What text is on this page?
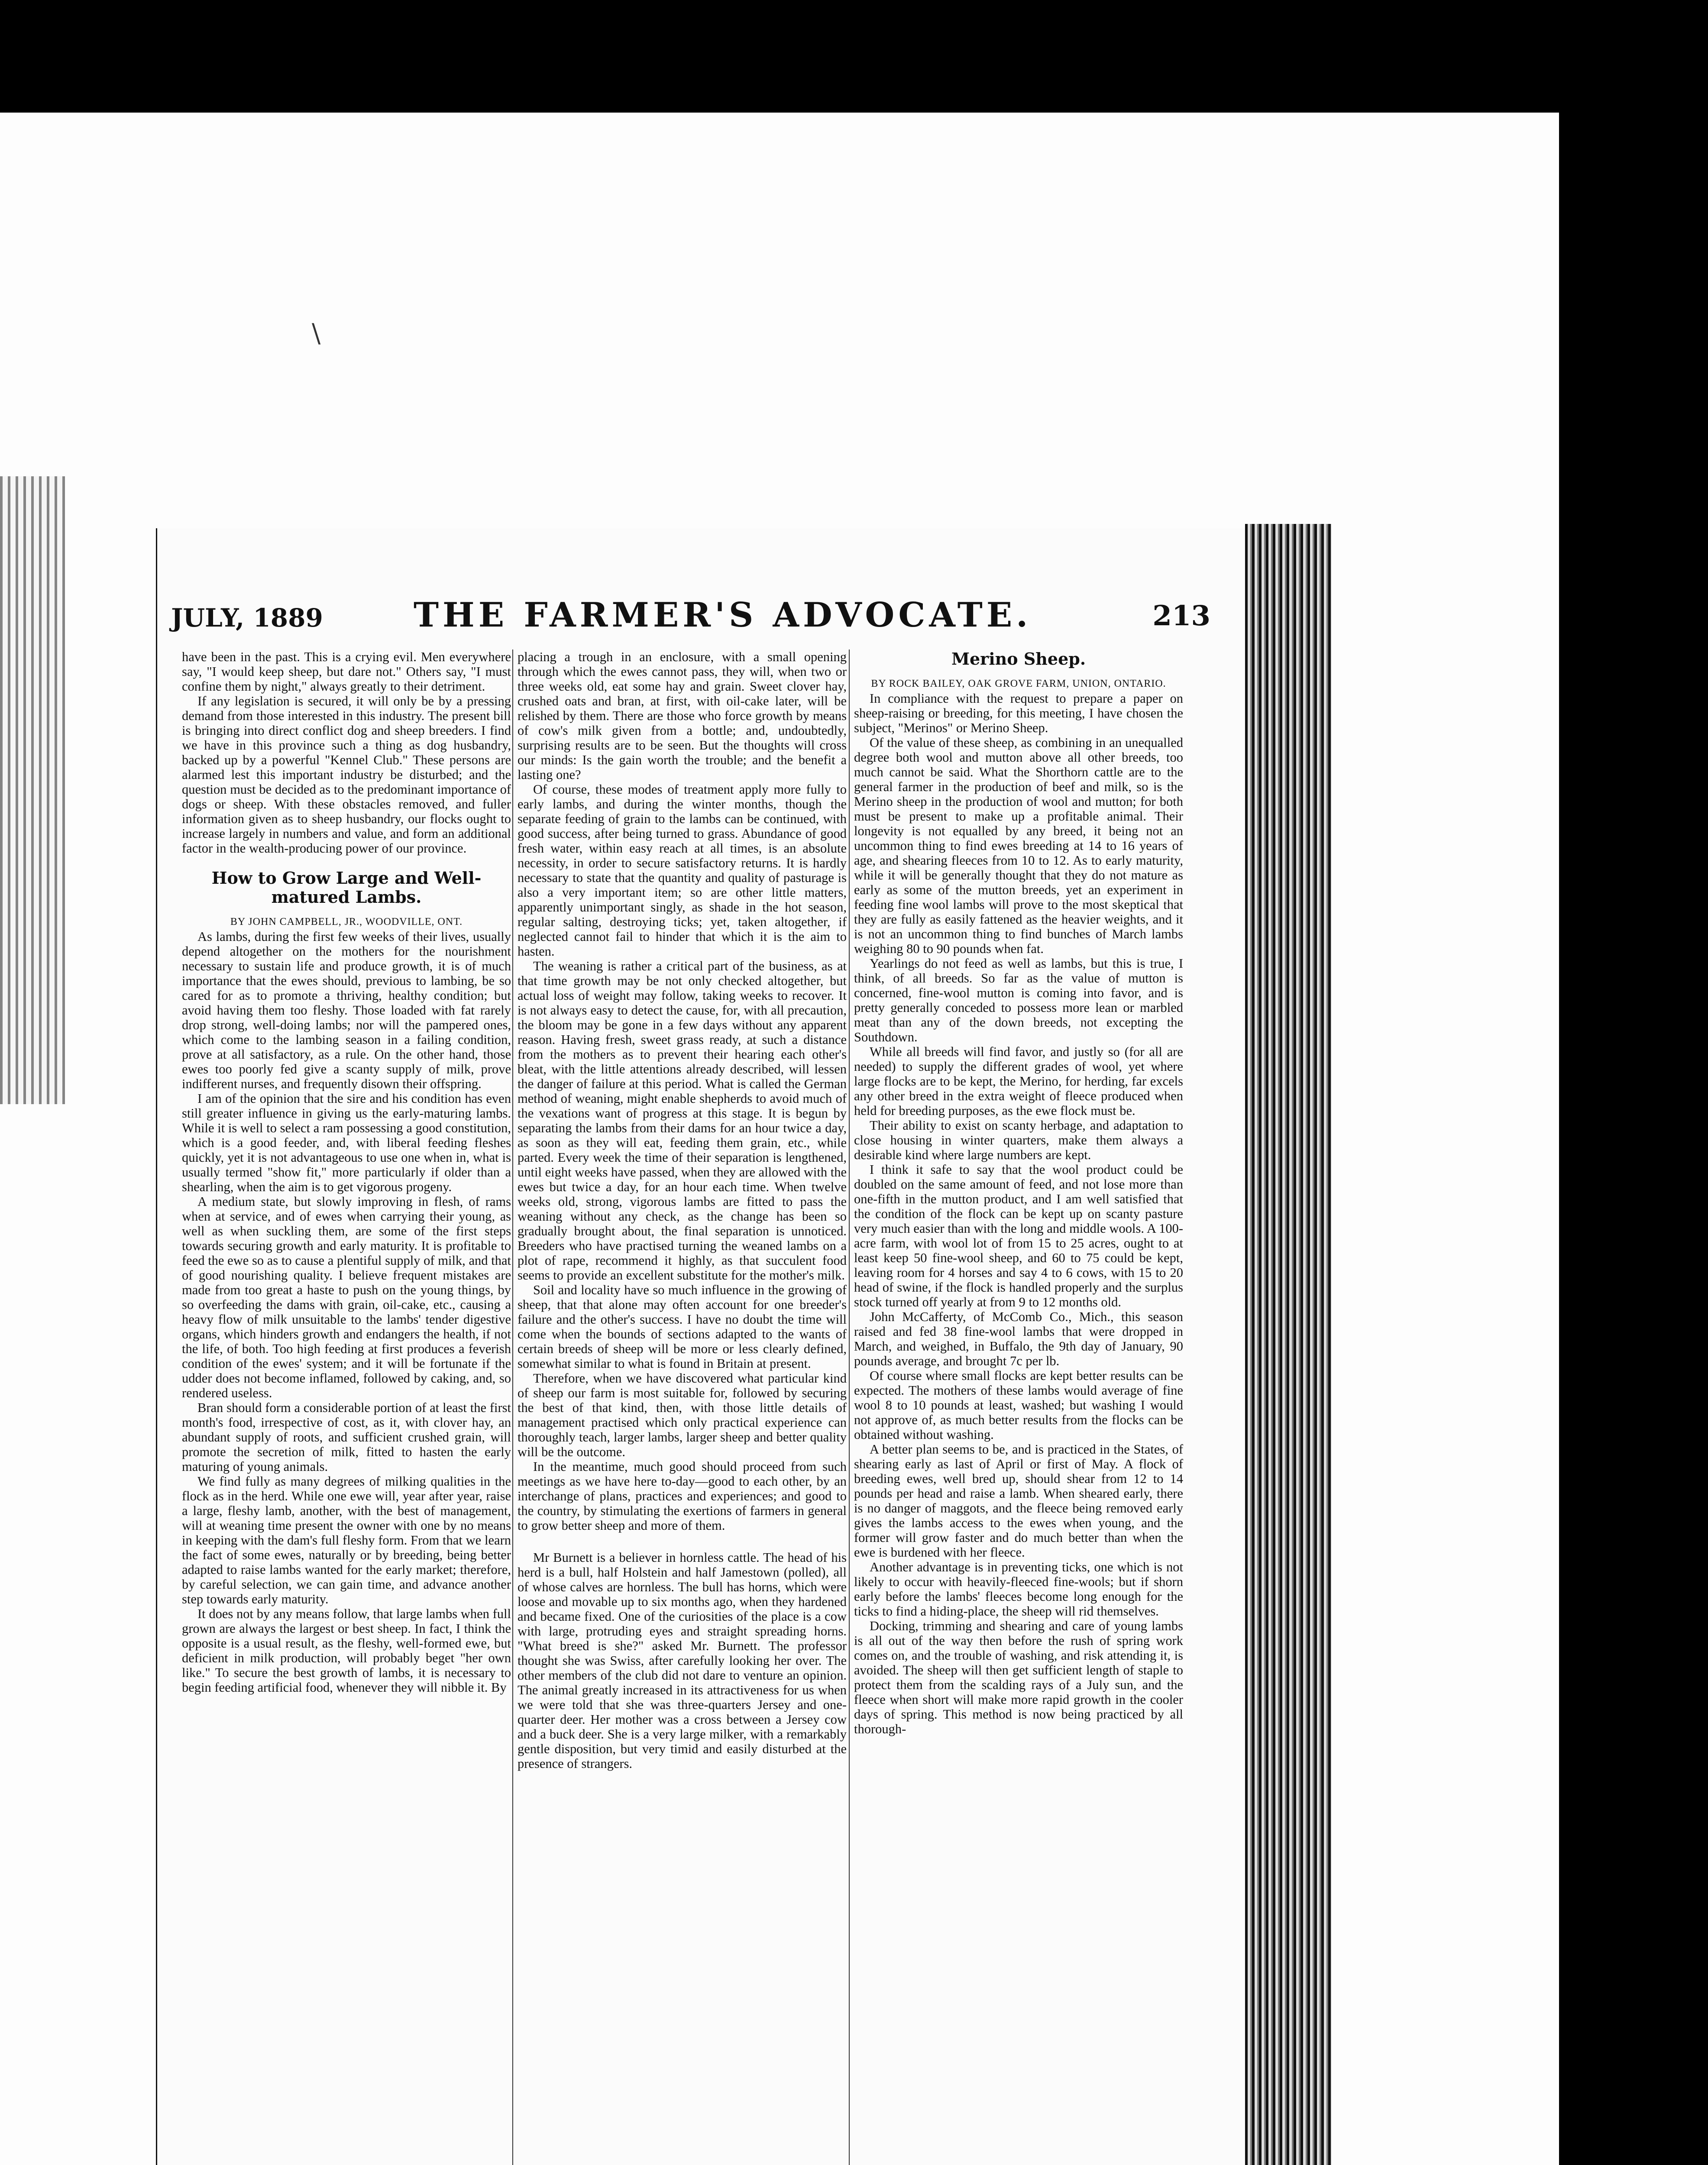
\
JULY, 1889	THE FARMER'S ADVOCATE.	213

have been in the past. This is a crying evil. Men everywhere say, "I would keep sheep, but dare not." Others say, "I must confine them by night," always greatly to their detriment.

If any legislation is secured, it will only be by a pressing demand from those interested in this industry. The present bill is bringing into direct conflict dog and sheep breeders. I find we have in this province such a thing as dog husbandry, backed up by a powerful "Kennel Club." These persons are alarmed lest this important industry be disturbed; and the question must be decided as to the predominant importance of dogs or sheep. With these obstacles removed, and fuller information given as to sheep husbandry, our flocks ought to increase largely in numbers and value, and form an additional factor in the wealth-producing power of our province.

How to Grow Large and Well-matured Lambs.

BY JOHN CAMPBELL, JR., WOODVILLE, ONT.

As lambs, during the first few weeks of their lives, usually depend altogether on the mothers for the nourishment necessary to sustain life and produce growth, it is of much importance that the ewes should, previous to lambing, be so cared for as to promote a thriving, healthy condition; but avoid having them too fleshy. Those loaded with fat rarely drop strong, well-doing lambs; nor will the pampered ones, which come to the lambing season in a failing condition, prove at all satisfactory, as a rule. On the other hand, those ewes too poorly fed give a scanty supply of milk, prove indifferent nurses, and frequently disown their offspring.

I am of the opinion that the sire and his condition has even still greater influence in giving us the early-maturing lambs. While it is well to select a ram possessing a good constitution, which is a good feeder, and, with liberal feeding fleshes quickly, yet it is not advantageous to use one when in, what is usually termed "show fit," more particularly if older than a shearling, when the aim is to get vigorous progeny.

A medium state, but slowly improving in flesh, of rams when at service, and of ewes when carrying their young, as well as when suckling them, are some of the first steps towards securing growth and early maturity. It is profitable to feed the ewe so as to cause a plentiful supply of milk, and that of good nourishing quality. I believe frequent mistakes are made from too great a haste to push on the young things, by so overfeeding the dams with grain, oil-cake, etc., causing a heavy flow of milk unsuitable to the lambs' tender digestive organs, which hinders growth and endangers the health, if not the life, of both. Too high feeding at first produces a feverish condition of the ewes' system; and it will be fortunate if the udder does not become inflamed, followed by caking, and, so rendered useless.

Bran should form a considerable portion of at least the first month's food, irrespective of cost, as it, with clover hay, an abundant supply of roots, and sufficient crushed grain, will promote the secretion of milk, fitted to hasten the early maturing of young animals.

We find fully as many degrees of milking qualities in the flock as in the herd. While one ewe will, year after year, raise a large, fleshy lamb, another, with the best of management, will at weaning time present the owner with one by no means in keeping with the dam's full fleshy form. From that we learn the fact of some ewes, naturally or by breeding, being better adapted to raise lambs wanted for the early market; therefore, by careful selection, we can gain time, and advance another step towards early maturity.

It does not by any means follow, that large lambs when full grown are always the largest or best sheep. In fact, I think the opposite is a usual result, as the fleshy, well-formed ewe, but deficient in milk production, will probably beget "her own like." To secure the best growth of lambs, it is necessary to begin feeding artificial food, whenever they will nibble it. By

placing a trough in an enclosure, with a small opening through which the ewes cannot pass, they will, when two or three weeks old, eat some hay and grain. Sweet clover hay, crushed oats and bran, at first, with oil-cake later, will be relished by them. There are those who force growth by means of cow's milk given from a bottle; and, undoubtedly, surprising results are to be seen. But the thoughts will cross our minds: Is the gain worth the trouble; and the benefit a lasting one?

Of course, these modes of treatment apply more fully to early lambs, and during the winter months, though the separate feeding of grain to the lambs can be continued, with good success, after being turned to grass. Abundance of good fresh water, within easy reach at all times, is an absolute necessity, in order to secure satisfactory returns. It is hardly necessary to state that the quantity and quality of pasturage is also a very important item; so are other little matters, apparently unimportant singly, as shade in the hot season, regular salting, destroying ticks; yet, taken altogether, if neglected cannot fail to hinder that which it is the aim to hasten.

The weaning is rather a critical part of the business, as at that time growth may be not only checked altogether, but actual loss of weight may follow, taking weeks to recover. It is not always easy to detect the cause, for, with all precaution, the bloom may be gone in a few days without any apparent reason. Having fresh, sweet grass ready, at such a distance from the mothers as to prevent their hearing each other's bleat, with the little attentions already described, will lessen the danger of failure at this period. What is called the German method of weaning, might enable shepherds to avoid much of the vexations want of progress at this stage. It is begun by separating the lambs from their dams for an hour twice a day, as soon as they will eat, feeding them grain, etc., while parted. Every week the time of their separation is lengthened, until eight weeks have passed, when they are allowed with the ewes but twice a day, for an hour each time. When twelve weeks old, strong, vigorous lambs are fitted to pass the weaning without any check, as the change has been so gradually brought about, the final separation is unnoticed. Breeders who have practised turning the weaned lambs on a plot of rape, recommend it highly, as that succulent food seems to provide an excellent substitute for the mother's milk.

Soil and locality have so much influence in the growing of sheep, that that alone may often account for one breeder's failure and the other's success. I have no doubt the time will come when the bounds of sections adapted to the wants of certain breeds of sheep will be more or less clearly defined, somewhat similar to what is found in Britain at present.

Therefore, when we have discovered what particular kind of sheep our farm is most suitable for, followed by securing the best of that kind, then, with those little details of management practised which only practical experience can thoroughly teach, larger lambs, larger sheep and better quality will be the outcome.

In the meantime, much good should proceed from such meetings as we have here to-day—good to each other, by an interchange of plans, practices and experiences; and good to the country, by stimulating the exertions of farmers in general to grow better sheep and more of them.

Mr Burnett is a believer in hornless cattle. The head of his herd is a bull, half Holstein and half Jamestown (polled), all of whose calves are hornless. The bull has horns, which were loose and movable up to six months ago, when they hardened and became fixed. One of the curiosities of the place is a cow with large, protruding eyes and straight spreading horns. "What breed is she?" asked Mr. Burnett. The professor thought she was Swiss, after carefully looking her over. The other members of the club did not dare to venture an opinion. The animal greatly increased in its attractiveness for us when we were told that she was three-quarters Jersey and one-quarter deer. Her mother was a cross between a Jersey cow and a buck deer. She is a very large milker, with a remarkably gentle disposition, but very timid and easily disturbed at the presence of strangers.

Merino Sheep.

BY ROCK BAILEY, OAK GROVE FARM, UNION, ONTARIO.

In compliance with the request to prepare a paper on sheep-raising or breeding, for this meeting, I have chosen the subject, "Merinos" or Merino Sheep.

Of the value of these sheep, as combining in an unequalled degree both wool and mutton above all other breeds, too much cannot be said. What the Shorthorn cattle are to the general farmer in the production of beef and milk, so is the Merino sheep in the production of wool and mutton; for both must be present to make up a profitable animal. Their longevity is not equalled by any breed, it being not an uncommon thing to find ewes breeding at 14 to 16 years of age, and shearing fleeces from 10 to 12. As to early maturity, while it will be generally thought that they do not mature as early as some of the mutton breeds, yet an experiment in feeding fine wool lambs will prove to the most skeptical that they are fully as easily fattened as the heavier weights, and it is not an uncommon thing to find bunches of March lambs weighing 80 to 90 pounds when fat.

Yearlings do not feed as well as lambs, but this is true, I think, of all breeds. So far as the value of mutton is concerned, fine-wool mutton is coming into favor, and is pretty generally conceded to possess more lean or marbled meat than any of the down breeds, not excepting the Southdown.

While all breeds will find favor, and justly so (for all are needed) to supply the different grades of wool, yet where large flocks are to be kept, the Merino, for herding, far excels any other breed in the extra weight of fleece produced when held for breeding purposes, as the ewe flock must be.

Their ability to exist on scanty herbage, and adaptation to close housing in winter quarters, make them always a desirable kind where large numbers are kept.

I think it safe to say that the wool product could be doubled on the same amount of feed, and not lose more than one-fifth in the mutton product, and I am well satisfied that the condition of the flock can be kept up on scanty pasture very much easier than with the long and middle wools. A 100-acre farm, with wool lot of from 15 to 25 acres, ought to at least keep 50 fine-wool sheep, and 60 to 75 could be kept, leaving room for 4 horses and say 4 to 6 cows, with 15 to 20 head of swine, if the flock is handled properly and the surplus stock turned off yearly at from 9 to 12 months old.

John McCafferty, of McComb Co., Mich., this season raised and fed 38 fine-wool lambs that were dropped in March, and weighed, in Buffalo, the 9th day of January, 90 pounds average, and brought 7c per lb.

Of course where small flocks are kept better results can be expected. The mothers of these lambs would average of fine wool 8 to 10 pounds at least, washed; but washing I would not approve of, as much better results from the flocks can be obtained without washing.

A better plan seems to be, and is practiced in the States, of shearing early as last of April or first of May. A flock of breeding ewes, well bred up, should shear from 12 to 14 pounds per head and raise a lamb. When sheared early, there is no danger of maggots, and the fleece being removed early gives the lambs access to the ewes when young, and the former will grow faster and do much better than when the ewe is burdened with her fleece.

Another advantage is in preventing ticks, one which is not likely to occur with heavily-fleeced fine-wools; but if shorn early before the lambs' fleeces become long enough for the ticks to find a hiding-place, the sheep will rid themselves.

Docking, trimming and shearing and care of young lambs is all out of the way then before the rush of spring work comes on, and the trouble of washing, and risk attending it, is avoided. The sheep will then get sufficient length of staple to protect them from the scalding rays of a July sun, and the fleece when short will make more rapid growth in the cooler days of spring. This method is now being practiced by all thorough-
